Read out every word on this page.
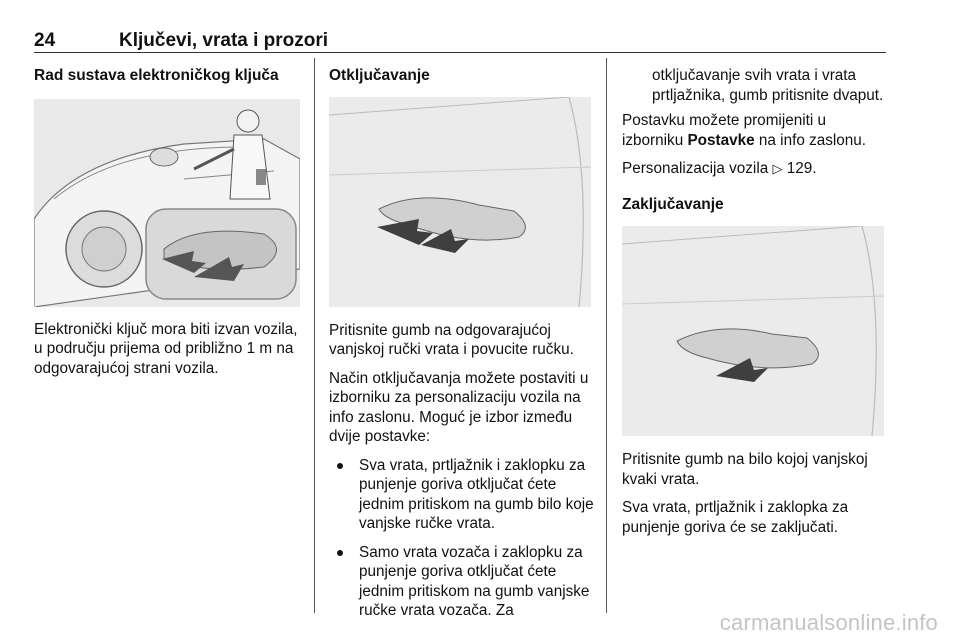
24	Ključevi, vrata i prozori
Rad sustava elektroničkog ključa

Elektronički ključ mora biti izvan vozila, u području prijema od približno 1 m na odgovarajućoj strani vozila.

Otključavanje

Pritisnite gumb na odgovarajućoj vanjskoj ručki vrata i povucite ručku.

Način otključavanja možete postaviti u izborniku za personalizaciju vozila na info zaslonu. Moguć je izbor između dvije postavke:

Sva vrata, prtljažnik i zaklopku za punjenje goriva otključat ćete jednim pritiskom na gumb bilo koje vanjske ručke vrata.
Samo vrata vozača i zaklopku za punjenje goriva otključat ćete jednim pritiskom na gumb vanjske ručke vrata vozača. Za

otključavanje svih vrata i vrata prtljažnika, gumb pritisnite dvaput.

Postavku možete promijeniti u izborniku Postavke na info zaslonu.

Personalizacija vozila ▷ 129.

Zaključavanje

Pritisnite gumb na bilo kojoj vanjskoj kvaki vrata.

Sva vrata, prtljažnik i zaklopka za punjenje goriva će se zaključati.

carmanualsonline.info
